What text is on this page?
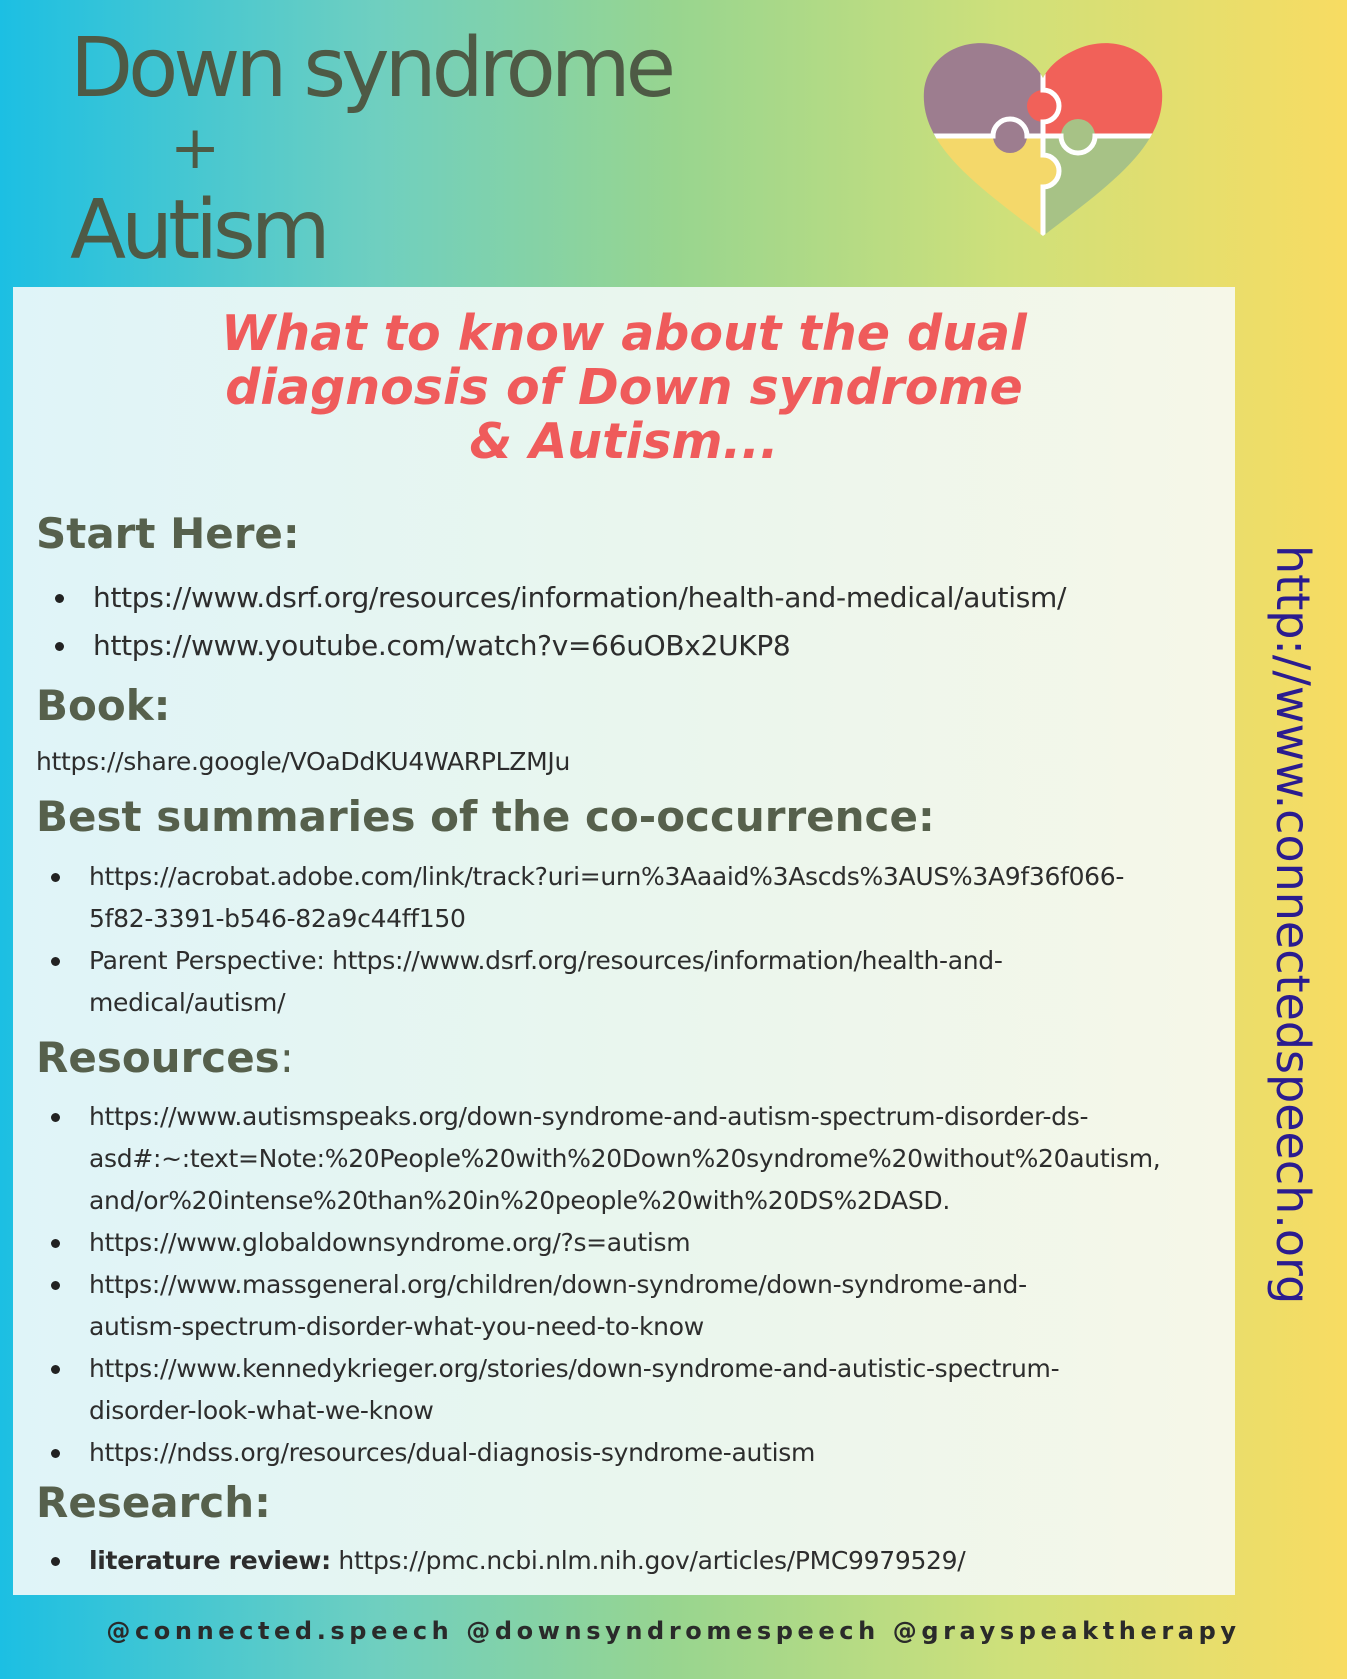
Down syndrome
+
Autism
What to know about the dual
diagnosis of Down syndrome
& Autism...
Start Here:
https://www.dsrf.org/resources/information/health-and-medical/autism/
https://www.youtube.com/watch?v=66uOBx2UKP8
Book:
https://share.google/VOaDdKU4WARPLZMJu
Best summaries of the co-occurrence:
https://acrobat.adobe.com/link/track?uri=urn%3Aaaid%3Ascds%3AUS%3A9f36f066-
5f82-3391-b546-82a9c44ff150
Parent Perspective: https://www.dsrf.org/resources/information/health-and-
medical/autism/
Resources:
https://www.autismspeaks.org/down-syndrome-and-autism-spectrum-disorder-ds-
asd#:~:text=Note:%20People%20with%20Down%20syndrome%20without%20autism,
and/or%20intense%20than%20in%20people%20with%20DS%2DASD.
https://www.globaldownsyndrome.org/?s=autism
https://www.massgeneral.org/children/down-syndrome/down-syndrome-and-
autism-spectrum-disorder-what-you-need-to-know
https://www.kennedykrieger.org/stories/down-syndrome-and-autistic-spectrum-
disorder-look-what-we-know
https://ndss.org/resources/dual-diagnosis-syndrome-autism
Research:
literature review: https://pmc.ncbi.nlm.nih.gov/articles/PMC9979529/
http://www.connectedspeech.org
@connected.speech @downsyndromespeech @grayspeaktherapy
